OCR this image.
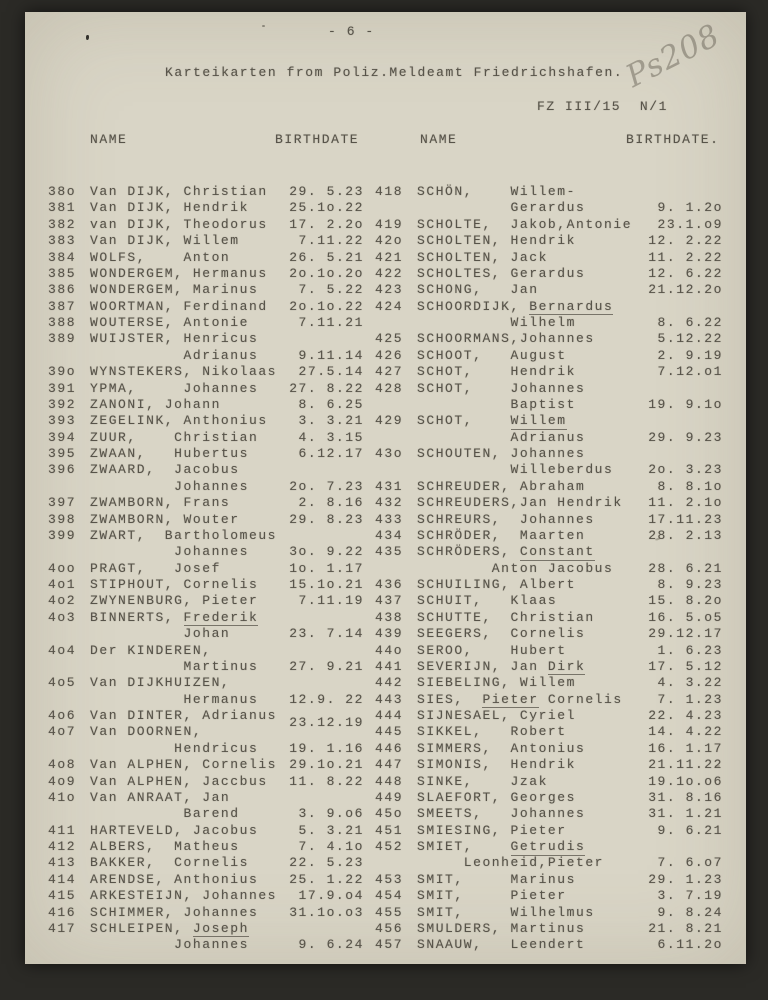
- 6 -
Karteikarten from Poliz.Meldeamt Friedrichshafen.
Ps208
FZ III/15  N/1
NAME	BIRTHDATE	NAME	BIRTHDATE.
38o	Van DIJK, Christian	29. 5.23
381	Van DIJK, Hendrik	25.1o.22
382	van DIJK, Theodorus	17. 2.2o
383	Van DIJK, Willem	7.11.22
384	WOLFS,    Anton	26. 5.21
385	WONDERGEM, Hermanus	2o.1o.2o
386	WONDERGEM, Marinus	7. 5.22
387	WOORTMAN, Ferdinand	2o.1o.22
388	WOUTERSE, Antonie	7.11.21
389	WUIJSTER, Henricus
Adrianus	9.11.14
39o	WYNSTEKERS, Nikolaas	27.5.14
391	YPMA,     Johannes	27. 8.22
392	ZANONI, Johann	8. 6.25
393	ZEGELINK, Anthonius	3. 3.21
394	ZUUR,    Christian	4. 3.15
395	ZWAAN,   Hubertus	6.12.17
396	ZWAARD,  Jacobus
Johannes	2o. 7.23
397	ZWAMBORN, Frans	2. 8.16
398	ZWAMBORN, Wouter	29. 8.23
399	ZWART,  Bartholomeus
Johannes	3o. 9.22
4oo	PRAGT,   Josef	1o. 1.17
4o1	STIPHOUT, Cornelis	15.1o.21
4o2	ZWYNENBURG, Pieter	7.11.19
4o3	BINNERTS, Frederik
Johan	23. 7.14
4o4	Der KINDEREN,
Martinus	27. 9.21
4o5	Van DIJKHUIZEN,
Hermanus	12.9. 22
4o6	Van DINTER, Adrianus 23.12.19
4o7	Van DOORNEN,
Hendricus	19. 1.16
4o8	Van ALPHEN, Cornelis 29.1o.21
4o9	Van ALPHEN, Jaccbus	11. 8.22
41o	Van ANRAAT, Jan
Barend	3. 9.o6
411	HARTEVELD, Jacobus	5. 3.21
412	ALBERS,  Matheus	7. 4.1o
413	BAKKER,  Cornelis	22. 5.23
414	ARENDSE, Anthonius	25. 1.22
415	ARKESTEIJN, Johannes	17.9.o4
416	SCHIMMER, Johannes	31.1o.o3
417	SCHLEIPEN, Joseph
Johannes	9. 6.24
418	SCHÖN,    Willem-
Gerardus	9. 1.2o
419	SCHOLTE,  Jakob,Antonie	23.1.o9
42o	SCHOLTEN, Hendrik	12. 2.22
421	SCHOLTEN, Jack	11. 2.22
422	SCHOLTES, Gerardus	12. 6.22
423	SCHONG,   Jan	21.12.2o
424	SCHOORDIJK, Bernardus
Wilhelm	8. 6.22
425	SCHOORMANS,Johannes	5.12.22
426	SCHOOT,   August	2. 9.19
427	SCHOT,    Hendrik	7.12.o1
428	SCHOT,    Johannes
Baptist	19. 9.1o
429	SCHOT,    Willem
Adrianus	29. 9.23
43o	SCHOUTEN, Johannes
Willeberdus	2o. 3.23
431	SCHREUDER, Abraham	8. 8.1o
432	SCHREUDERS,Jan Hendrik	11. 2.1o
433	SCHREURS,  Johannes	17.11.23
434	SCHRÖDER,  Maarten	28. 2.13
435	SCHRÖDERS, Constant
Anton Jacobus	28. 6.21
436	SCHUILING, Albert	8. 9.23
437	SCHUIT,   Klaas	15. 8.2o
438	SCHUTTE,  Christian	16. 5.o5
439	SEEGERS,  Cornelis	29.12.17
44o	SEROO,    Hubert	1. 6.23
441	SEVERIJN, Jan Dirk	17. 5.12
442	SIEBELING, Willem	4. 3.22
443	SIES,  Pieter Cornelis	7. 1.23
444	SIJNESAEL, Cyriel	22. 4.23
445	SIKKEL,   Robert	14. 4.22
446	SIMMERS,  Antonius	16. 1.17
447	SIMONIS,  Hendrik	21.11.22
448	SINKE,    Jzak	19.1o.o6
449	SLAEFORT, Georges	31. 8.16
45o	SMEETS,   Johannes	31. 1.21
451	SMIESING, Pieter	9. 6.21
452	SMIET,    Getrudis
Leonheid,Pieter	7. 6.o7
453	SMIT,     Marinus	29. 1.23
454	SMIT,     Pieter	3. 7.19
455	SMIT,     Wilhelmus	9. 8.24
456	SMULDERS, Martinus	21. 8.21
457	SNAAUW,   Leendert	6.11.2o
